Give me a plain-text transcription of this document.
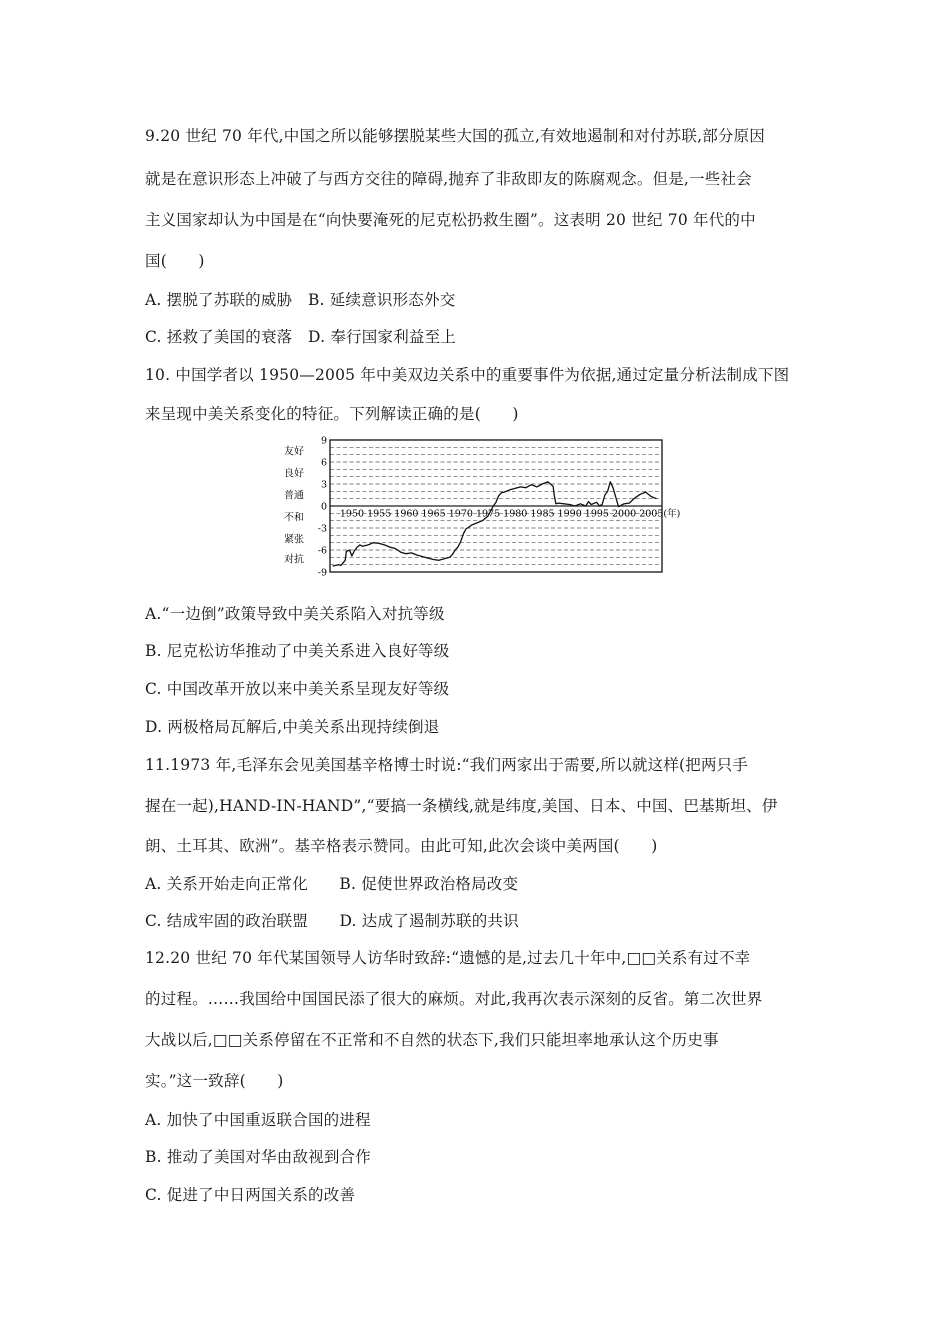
9.20 世纪 70 年代,中国之所以能够摆脱某些大国的孤立,有效地遏制和对付苏联,部分原因
就是在意识形态上冲破了与西方交往的障碍,抛弃了非敌即友的陈腐观念。但是,一些社会
主义国家却认为中国是在“向快要淹死的尼克松扔救生圈”。这表明 20 世纪 70 年代的中
国(　　)
A. 摆脱了苏联的威胁　B. 延续意识形态外交
C. 拯救了美国的衰落　D. 奉行国家利益至上
10. 中国学者以 1950—2005 年中美双边关系中的重要事件为依据,通过定量分析法制成下图
来呈现中美关系变化的特征。下列解读正确的是(　　)
友好
良好
普通
不和
紧张
对抗
9
6
3
0
-3
-6
-9
1950 1955 1960 1965 1970 1975 1980 1985 1990 1995 2000 2005(年)
A.“一边倒”政策导致中美关系陷入对抗等级
B. 尼克松访华推动了中美关系进入良好等级
C. 中国改革开放以来中美关系呈现友好等级
D. 两极格局瓦解后,中美关系出现持续倒退
11.1973 年,毛泽东会见美国基辛格博士时说:“我们两家出于需要,所以就这样(把两只手
握在一起),HAND-IN-HAND”,“要搞一条横线,就是纬度,美国、日本、中国、巴基斯坦、伊
朗、土耳其、欧洲”。基辛格表示赞同。由此可知,此次会谈中美两国(　　)
A. 关系开始走向正常化　　B. 促使世界政治格局改变
C. 结成牢固的政治联盟　　D. 达成了遏制苏联的共识
12.20 世纪 70 年代某国领导人访华时致辞:“遗憾的是,过去几十年中,□□关系有过不幸
的过程。……我国给中国国民添了很大的麻烦。对此,我再次表示深刻的反省。第二次世界
大战以后,□□关系停留在不正常和不自然的状态下,我们只能坦率地承认这个历史事
实。”这一致辞(　　)
A. 加快了中国重返联合国的进程
B. 推动了美国对华由敌视到合作
C. 促进了中日两国关系的改善
